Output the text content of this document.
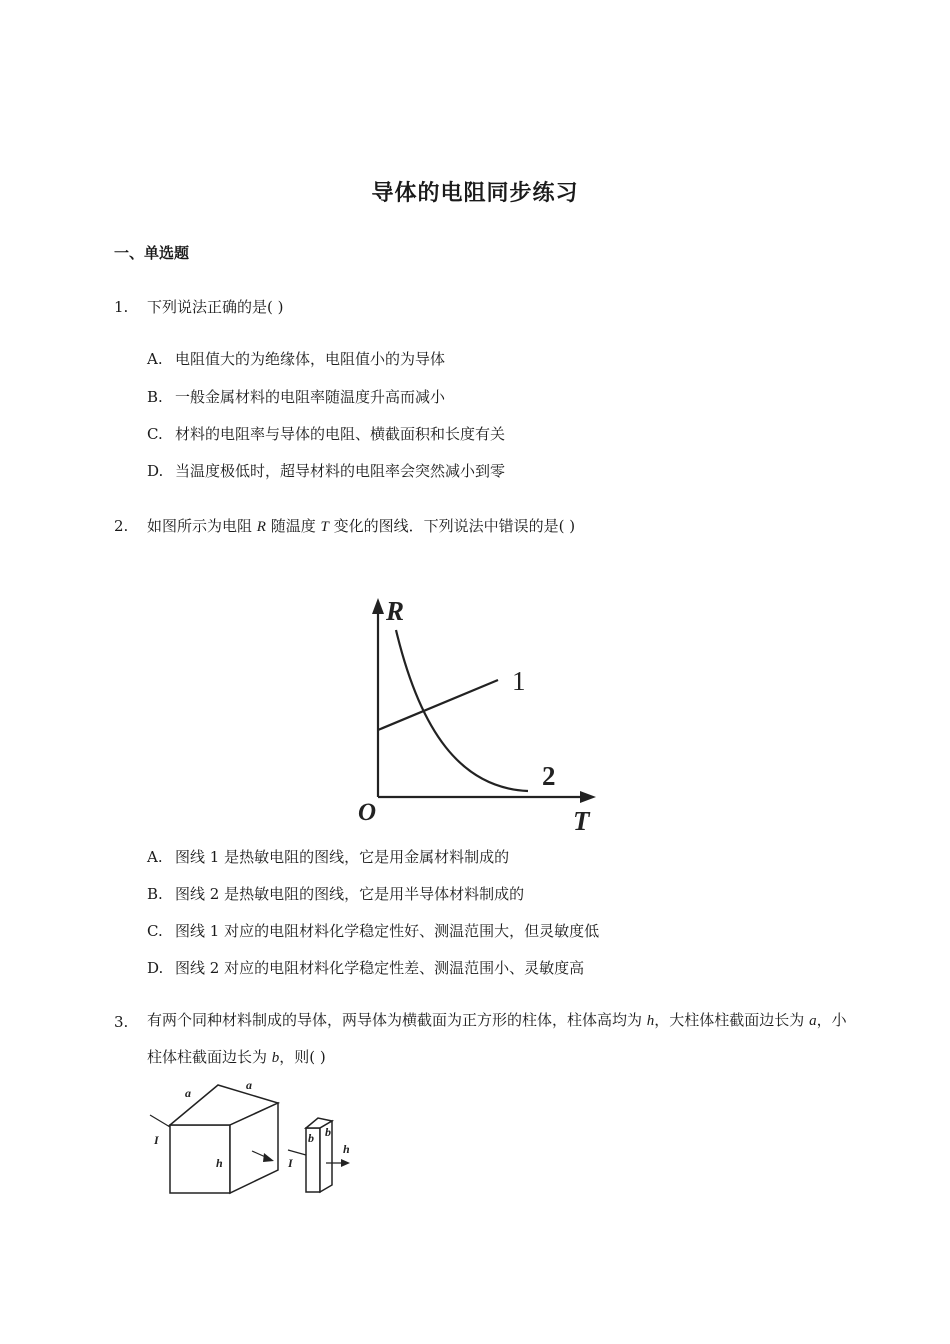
导体的电阻同步练习
一、单选题
1. 下列说法正确的是( )
A. 电阻值大的为绝缘体，电阻值小的为导体
B. 一般金属材料的电阻率随温度升高而减小
C. 材料的电阻率与导体的电阻、横截面积和长度有关
D. 当温度极低时，超导材料的电阻率会突然减小到零
2. 如图所示为电阻 R 随温度 T 变化的图线．下列说法中错误的是( )
R
T
O
1
2
A. 图线 1 是热敏电阻的图线，它是用金属材料制成的
B. 图线 2 是热敏电阻的图线，它是用半导体材料制成的
C. 图线 1 对应的电阻材料化学稳定性好、测温范围大，但灵敏度低
D. 图线 2 对应的电阻材料化学稳定性差、测温范围小、灵敏度高
3. 有两个同种材料制成的导体，两导体为横截面为正方形的柱体，柱体高均为 h，大柱体柱截面边长为 a，小柱体柱截面边长为 b，则( )
a
a
h
I	b b
h
I
